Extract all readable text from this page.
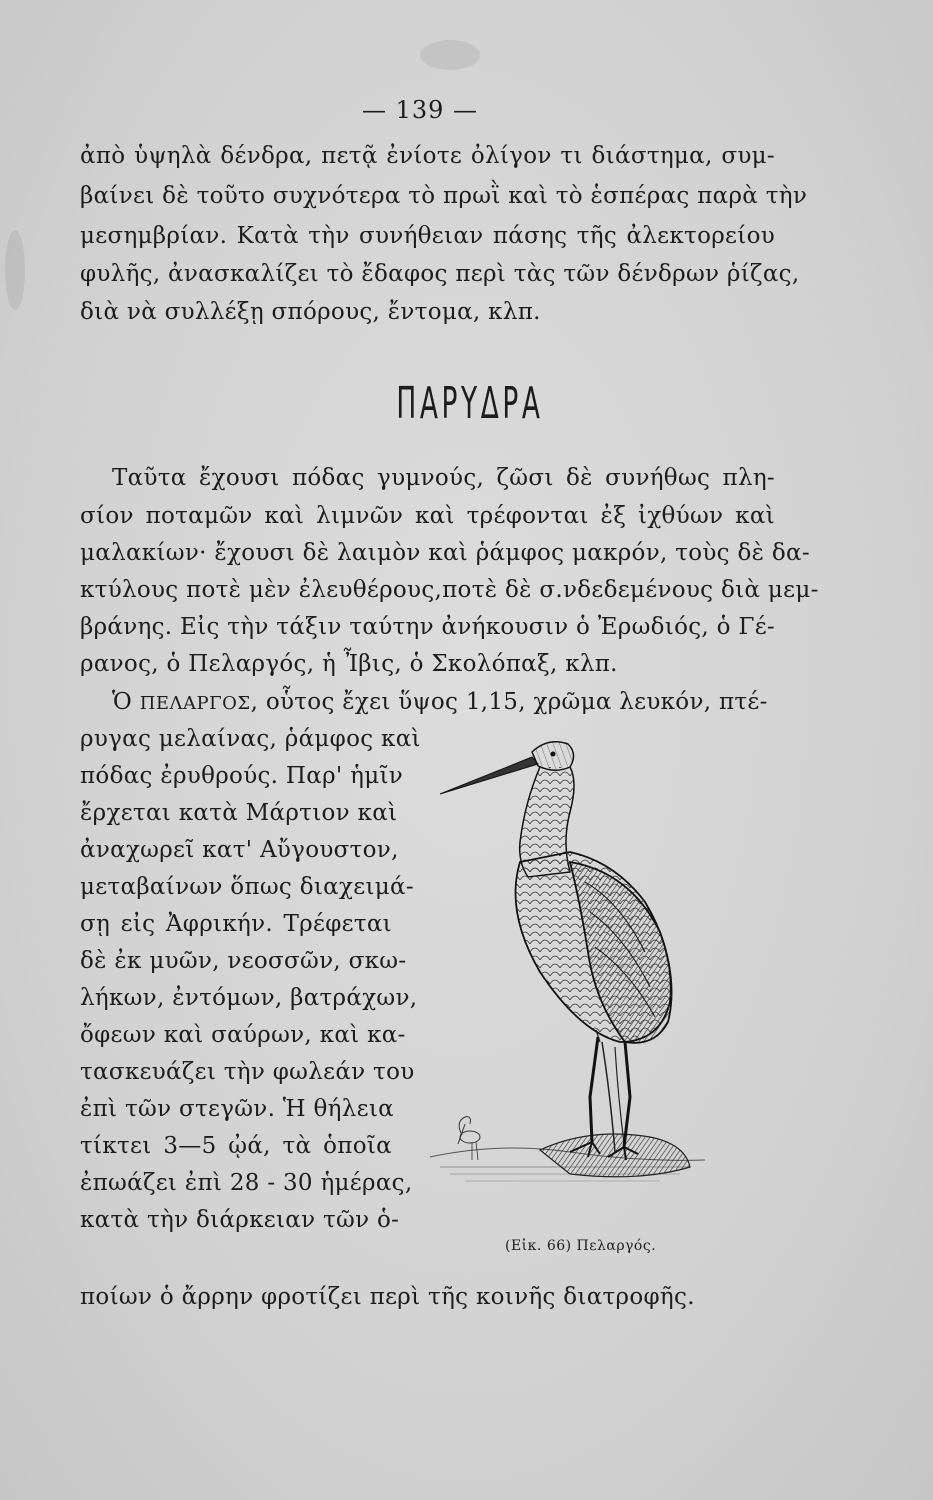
— 139 —
ἀπὸ ὑψηλὰ δένδρα, πετᾷ ἐνίοτε ὀλίγον τι διάστημα, συμ-
βαίνει δὲ τοῦτο συχνότερα τὸ πρωῒ καὶ τὸ ἑσπέρας παρὰ τὴν
μεσημβρίαν. Κατὰ τὴν συνήθειαν πάσης τῆς ἀλεκτορείου
φυλῆς, ἀνασκαλίζει τὸ ἔδαφος περὶ τὰς τῶν δένδρων ῥίζας,
διὰ νὰ συλλέξῃ σπόρους, ἔντομα, κλπ.
ΠΑΡΥΔΡΑ
Ταῦτα ἔχουσι πόδας γυμνούς, ζῶσι δὲ συνήθως πλη-
σίον ποταμῶν καὶ λιμνῶν καὶ τρέφονται ἐξ ἰχθύων καὶ
μαλακίων· ἔχουσι δὲ λαιμὸν καὶ ῥάμφος μακρόν, τοὺς δὲ δα-
κτύλους ποτὲ μὲν ἐλευθέρους,ποτὲ δὲ σ.νδεδεμένους διὰ μεμ-
βράνης. Εἰς τὴν τάξιν ταύτην ἀνήκουσιν ὁ Ἐρωδιός, ὁ Γέ-
ρανος, ὁ Πελαργός, ἡ Ἶβις, ὁ Σκολόπαξ, κλπ.
Ὁ ΠΕΛΑΡΓΟΣ, οὗτος ἔχει ὕψος 1,15, χρῶμα λευκόν, πτέ-
ρυγας μελαίνας, ῥάμφος καὶ
πόδας ἐρυθρούς. Παρ' ἡμῖν
ἔρχεται κατὰ Μάρτιον καὶ
ἀναχωρεῖ κατ' Αὔγουστον,
μεταβαίνων ὅπως διαχειμά-
σῃ εἰς Ἀφρικήν. Τρέφεται
δὲ ἐκ μυῶν, νεοσσῶν, σκω-
λήκων, ἐντόμων, βατράχων,
ὄφεων καὶ σαύρων, καὶ κα-
τασκευάζει τὴν φωλεάν του
ἐπὶ τῶν στεγῶν. Ἡ θήλεια
τίκτει 3—5 ᾠά, τὰ ὁποῖα
ἐπωάζει ἐπὶ 28 - 30 ἡμέρας,
κατὰ τὴν διάρκειαν τῶν ὁ-
(Εἰκ. 66) Πελαργός.
ποίων ὁ ἄρρην φροτίζει περὶ τῆς κοινῆς διατροφῆς.
